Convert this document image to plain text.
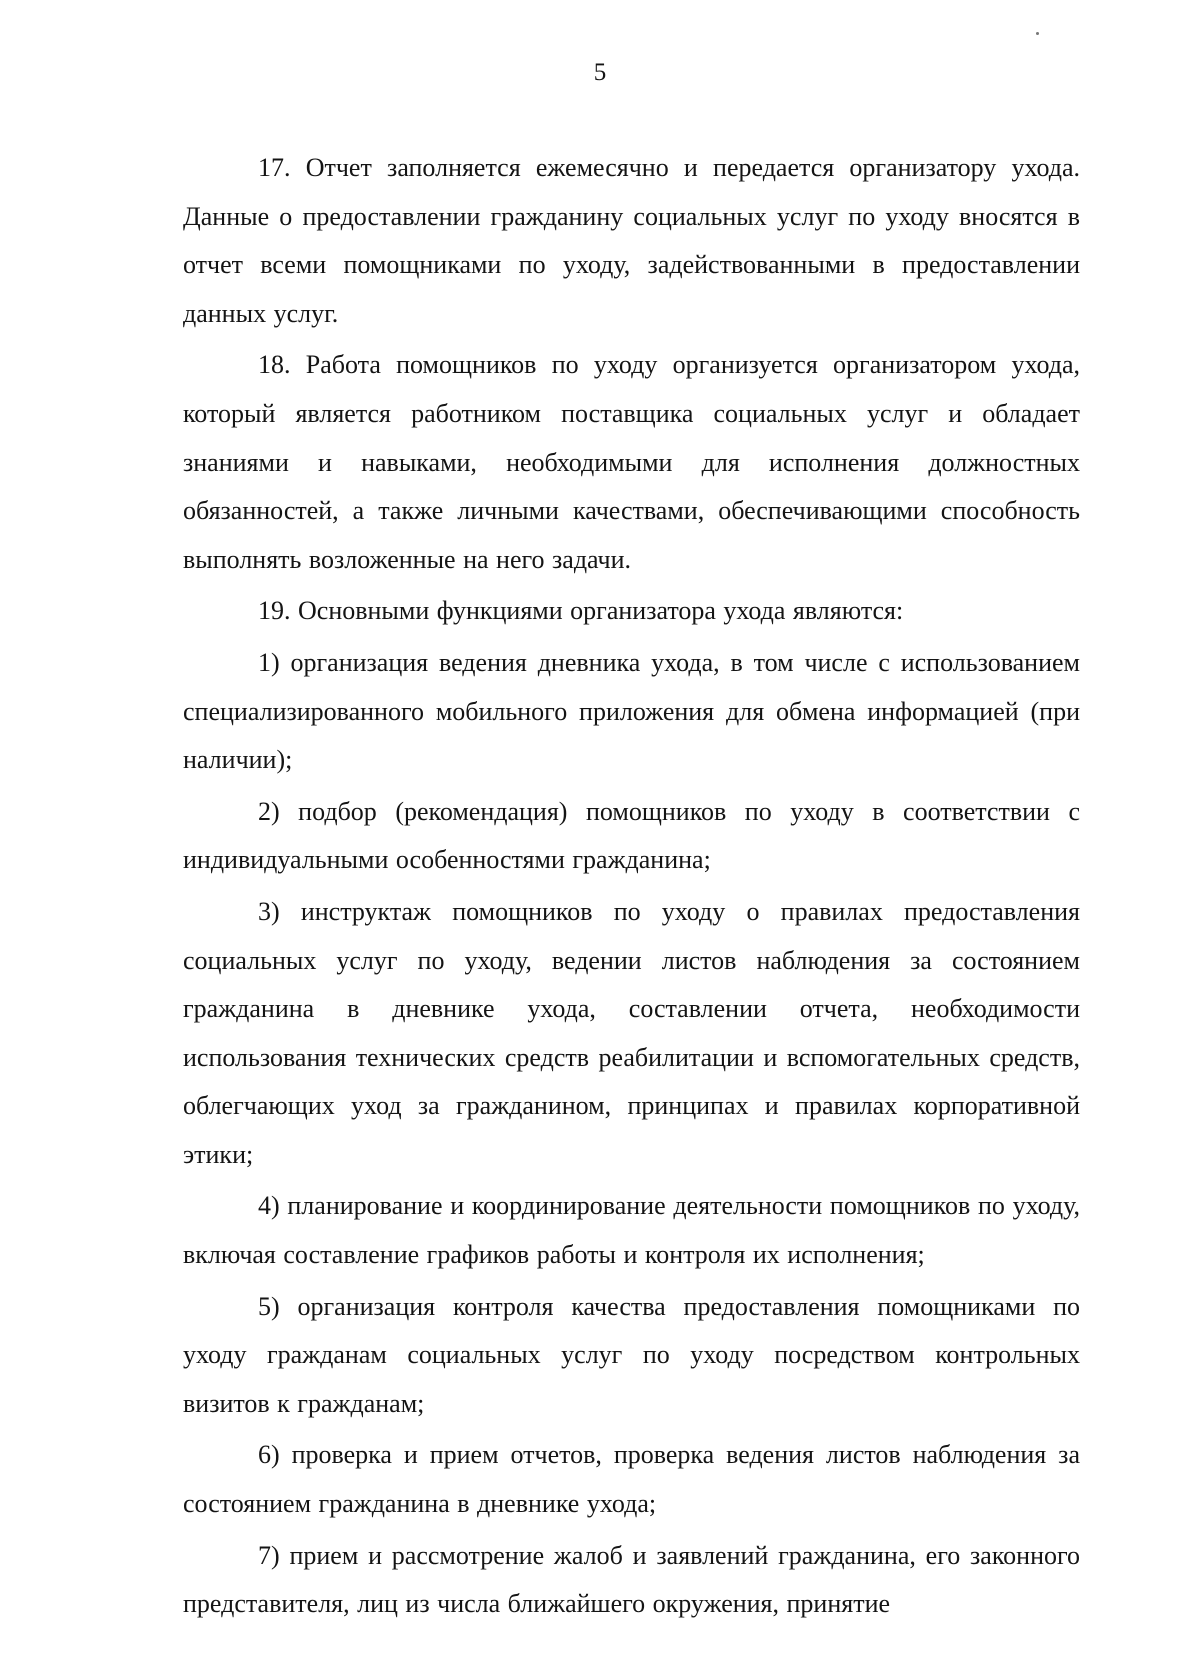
5

17. Отчет заполняется ежемесячно и передается организатору ухода. Данные о предоставлении гражданину социальных услуг по уходу вносятся в отчет всеми помощниками по уходу, задействованными в предоставлении данных услуг.

18. Работа помощников по уходу организуется организатором ухода, который является работником поставщика социальных услуг и обладает знаниями и навыками, необходимыми для исполнения должностных обязанностей, а также личными качествами, обеспечивающими способность выполнять возложенные на него задачи.

19. Основными функциями организатора ухода являются:

1) организация ведения дневника ухода, в том числе с использованием специализированного мобильного приложения для обмена информацией (при наличии);

2) подбор (рекомендация) помощников по уходу в соответствии с индивидуальными особенностями гражданина;

3) инструктаж помощников по уходу о правилах предоставления социальных услуг по уходу, ведении листов наблюдения за состоянием гражданина в дневнике ухода, составлении отчета, необходимости использования технических средств реабилитации и вспомогательных средств, облегчающих уход за гражданином, принципах и правилах корпоративной этики;

4) планирование и координирование деятельности помощников по уходу, включая составление графиков работы и контроля их исполнения;

5) организация контроля качества предоставления помощниками по уходу гражданам социальных услуг по уходу посредством контрольных визитов к гражданам;

6) проверка и прием отчетов, проверка ведения листов наблюдения за состоянием гражданина в дневнике ухода;

7) прием и рассмотрение жалоб и заявлений гражданина, его законного представителя, лиц из числа ближайшего окружения, принятие
